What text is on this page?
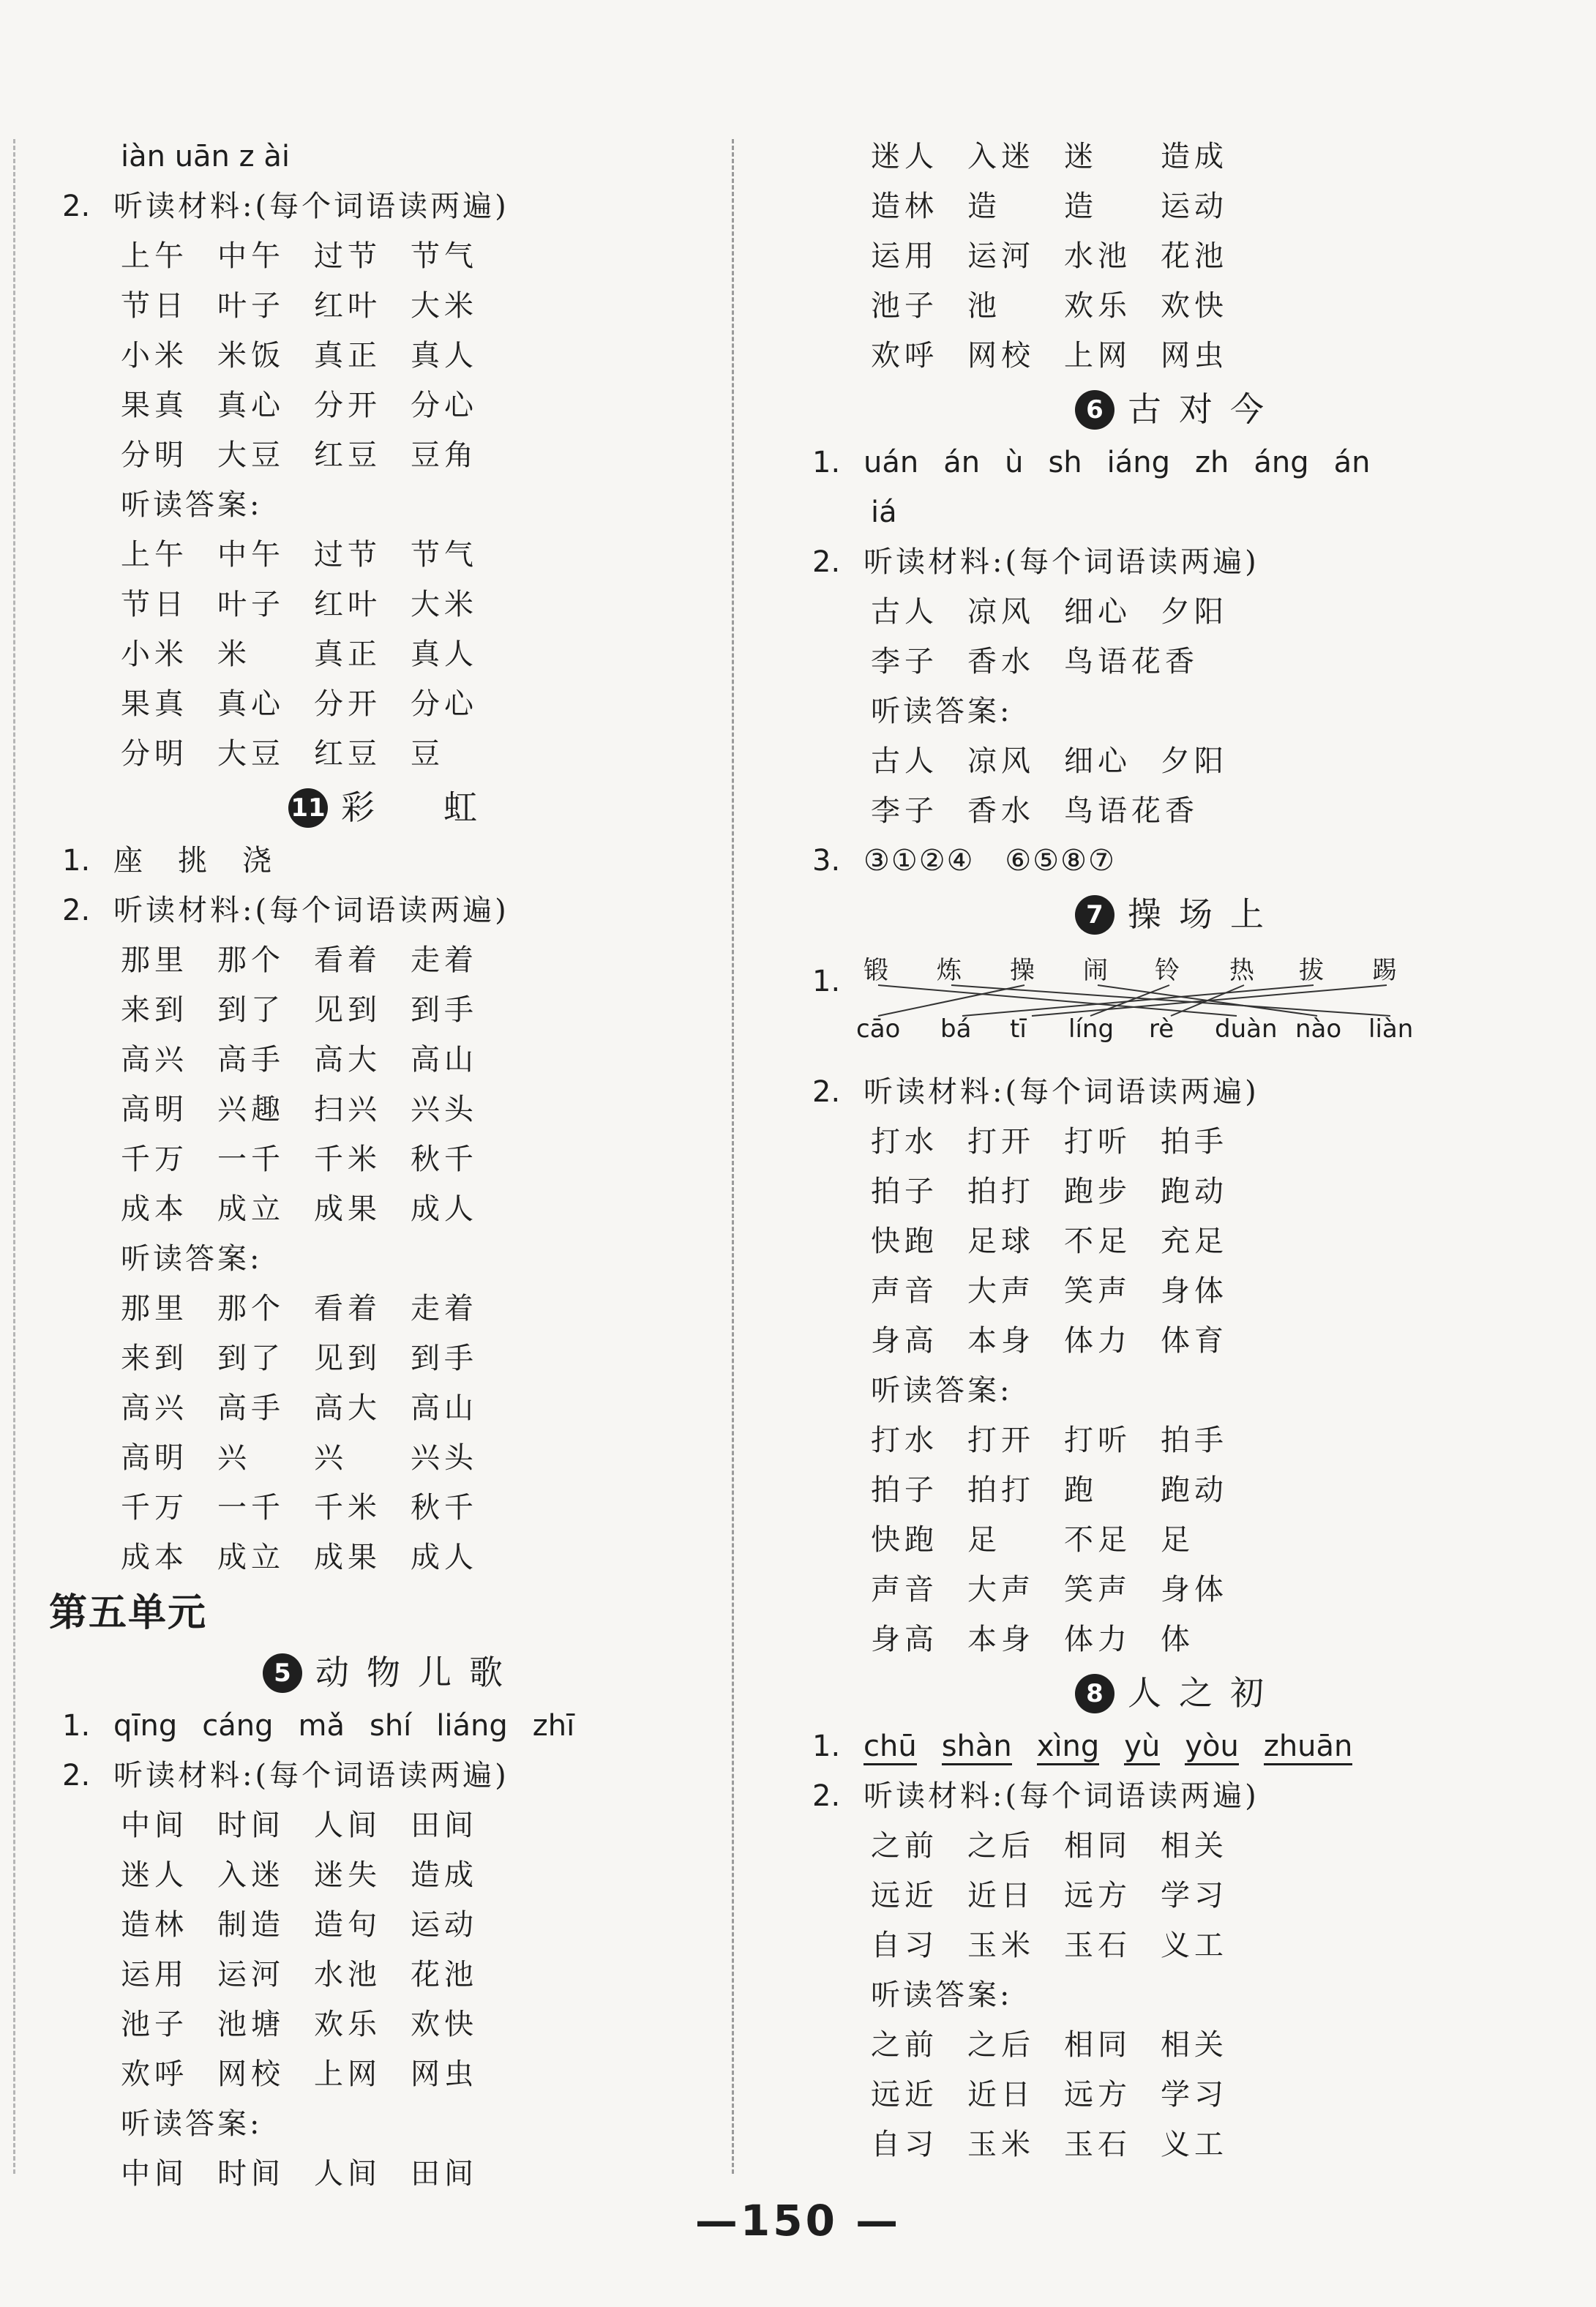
iàn uān z ài
2. 听读材料:(每个词语读两遍)
上午 中午 过节 节气
节日 叶子 红叶 大米
小米 米饭 真正 真人
果真 真心 分开 分心
分明 大豆 红豆 豆角
听读答案:
上午 中午 过节 节气
节日 叶子 红叶 大米
小米 米 真正 真人
果真 真心 分开 分心
分明 大豆 红豆 豆
11 彩　虹
1. 座　挑　浇
2. 听读材料:(每个词语读两遍)
那里 那个 看着 走着
来到 到了 见到 到手
高兴 高手 高大 高山
高明 兴趣 扫兴 兴头
千万 一千 千米 秋千
成本 成立 成果 成人
听读答案:
那里 那个 看着 走着
来到 到了 见到 到手
高兴 高手 高大 高山
高明 兴 兴 兴头
千万 一千 千米 秋千
成本 成立 成果 成人
第五单元
5 动物儿歌
1. qīng cáng mǎ shí liáng zhī
2. 听读材料:(每个词语读两遍)
中间 时间 人间 田间
迷人 入迷 迷失 造成
造林 制造 造句 运动
运用 运河 水池 花池
池子 池塘 欢乐 欢快
欢呼 网校 上网 网虫
听读答案:
中间 时间 人间 田间
迷人 入迷 迷 造成
造林 造 造 运动
运用 运河 水池 花池
池子 池 欢乐 欢快
欢呼 网校 上网 网虫
6 古对今
1. uán án ù sh iáng zh áng án
iá
2. 听读材料:(每个词语读两遍)
古人 凉风 细心 夕阳
李子 香水 鸟语花香
听读答案:
古人 凉风 细心 夕阳
李子 香水 鸟语花香
3. ③①②④　⑥⑤⑧⑦
7 操场上
1. 锻 炼 操 闹 铃 热 拔 踢
cāo bá tī líng rè duàn nào liàn
2. 听读材料:(每个词语读两遍)
打水 打开 打听 拍手
拍子 拍打 跑步 跑动
快跑 足球 不足 充足
声音 大声 笑声 身体
身高 本身 体力 体育
听读答案:
打水 打开 打听 拍手
拍子 拍打 跑 跑动
快跑 足 不足 足
声音 大声 笑声 身体
身高 本身 体力 体
8 人之初
1. chū shàn xìng yù yòu zhuān
2. 听读材料:(每个词语读两遍)
之前 之后 相同 相关
远近 近日 远方 学习
自习 玉米 玉石 义工
听读答案:
之前 之后 相同 相关
远近 近日 远方 学习
自习 玉米 玉石 义工
—150 —
